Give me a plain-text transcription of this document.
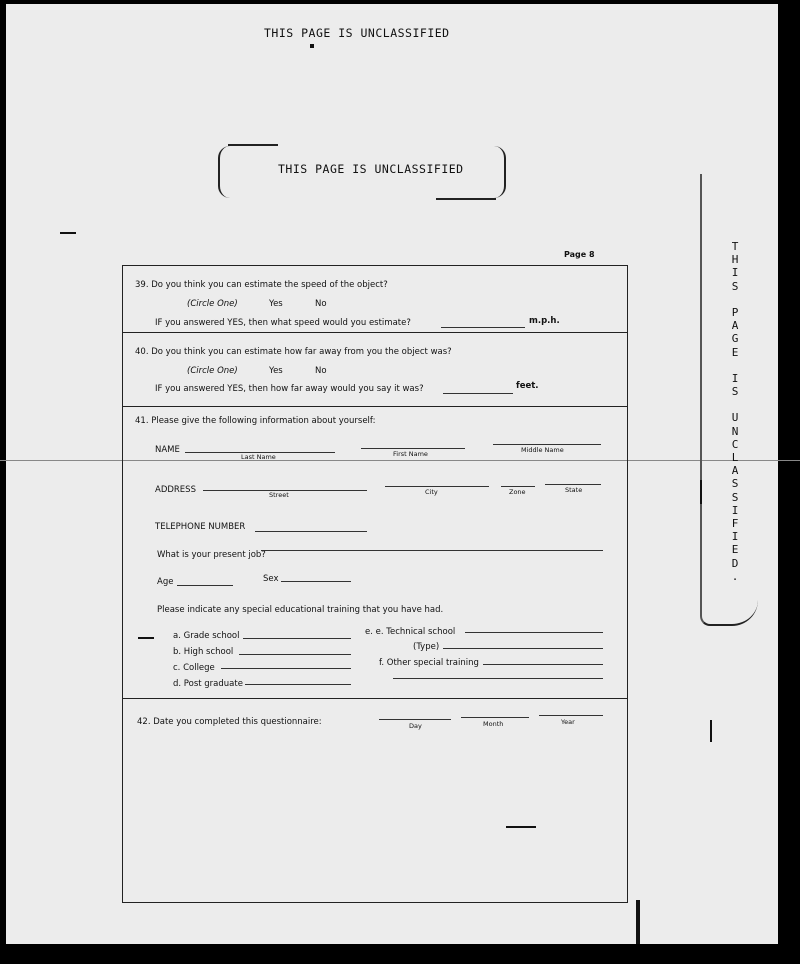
THIS PAGE IS UNCLASSIFIED
THIS PAGE IS UNCLASSIFIED
T
H
I
S
P
A
G
E
I
S
U
N
C
L
A
S
S
I
F
I
E
D
.
Page 8
39. Do you think you can estimate the speed of the object?
(Circle One)	Yes	No
IF you answered YES, then what speed would you estimate?	m.p.h.
40. Do you think you can estimate how far away from you the object was?
(Circle One)	Yes	No
IF you answered YES, then how far away would you say it was?	feet.
41. Please give the following information about yourself:
NAME
Last Name	First Name	Middle Name
ADDRESS	Street	City	Zone	State
TELEPHONE NUMBER
What is your present job?
Age	Sex
Please indicate any special educational training that you have had.
a. Grade school
b. High school
c. College
d. Post graduate
e. e. Technical school
(Type)
f. Other special training
42. Date you completed this questionnaire:	Day	Month	Year
